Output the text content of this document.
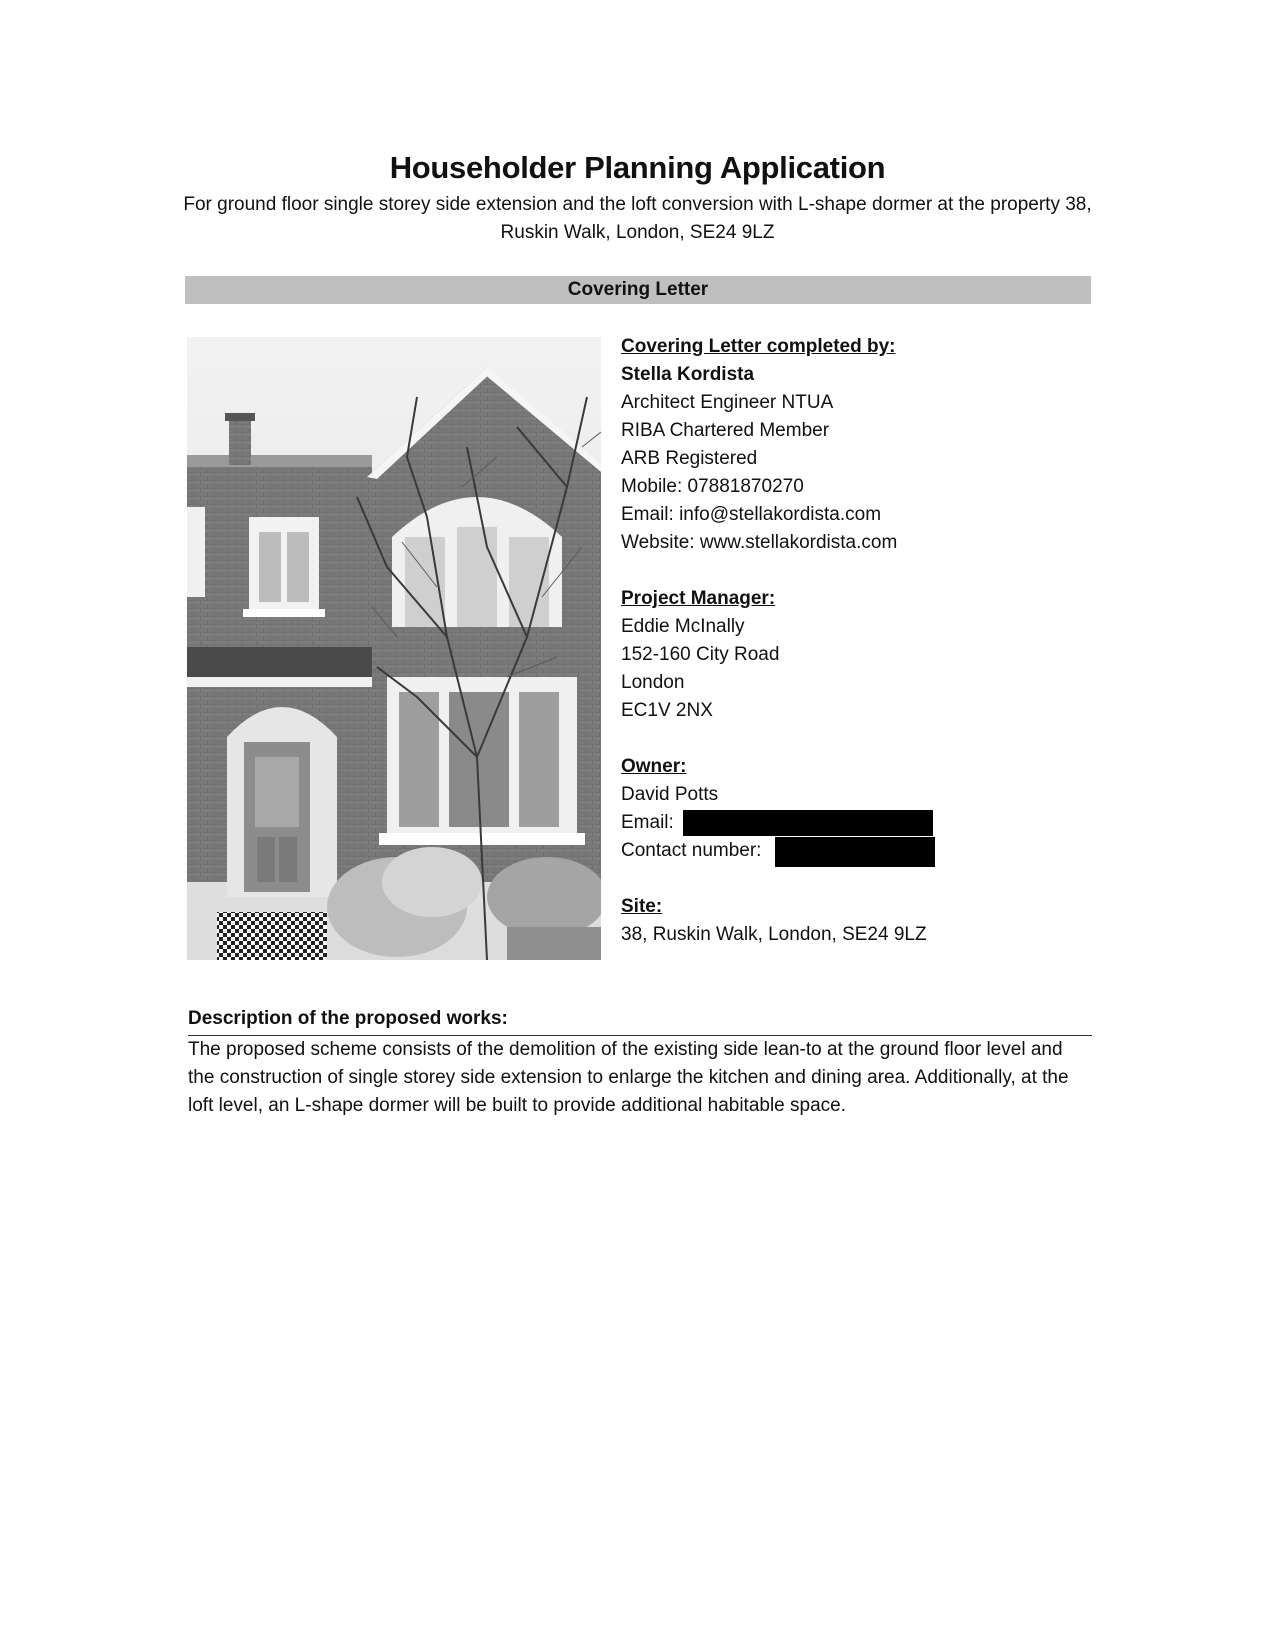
Householder Planning Application
For ground floor single storey side extension and the loft conversion with L-shape dormer at the property 38, Ruskin Walk, London, SE24 9LZ
Covering Letter
Covering Letter completed by:
Stella Kordista
Architect Engineer NTUA
RIBA Chartered Member
ARB Registered
Mobile: 07881870270
Email: info@stellakordista.com
Website: www.stellakordista.com
Project Manager:
Eddie McInally
152-160 City Road
London
EC1V 2NX
Owner:
David Potts
Email:
Contact number:
Site:
38, Ruskin Walk, London, SE24 9LZ
Description of the proposed works:
The proposed scheme consists of the demolition of the existing side lean-to at the ground floor level and the construction of single storey side extension to enlarge the kitchen and dining area. Additionally, at the loft level, an L-shape dormer will be built to provide additional habitable space.
